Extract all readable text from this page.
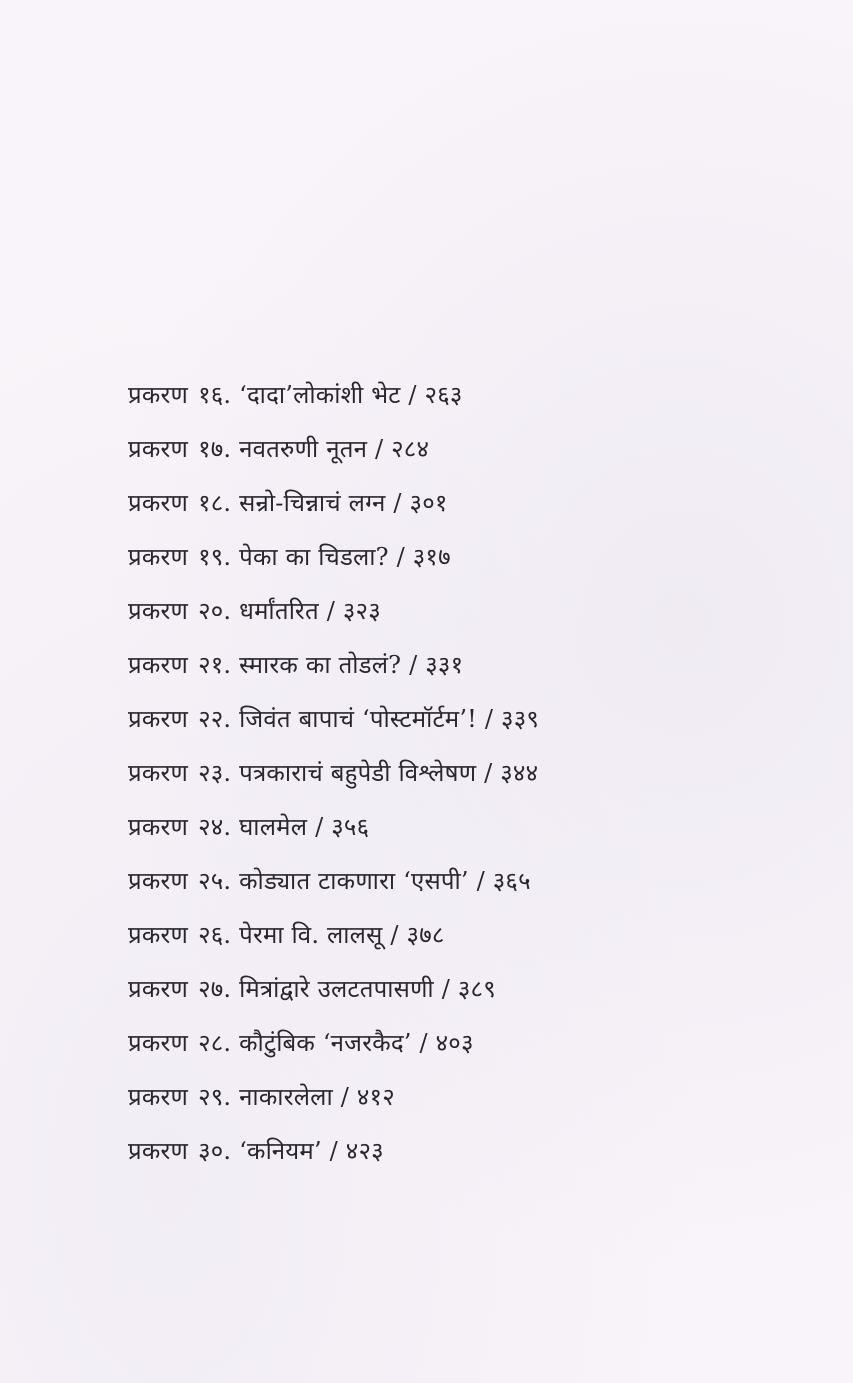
प्रकरण १६. ‘दादा’लोकांशी भेट / २६३
प्रकरण १७. नवतरुणी नूतन / २८४
प्रकरण १८. सन्रो-चिन्नाचं लग्न / ३०१
प्रकरण १९. पेका का चिडला? / ३१७
प्रकरण २०. धर्मांतरित / ३२३
प्रकरण २१. स्मारक का तोडलं? / ३३१
प्रकरण २२. जिवंत बापाचं ‘पोस्टमॉर्टम’! / ३३९
प्रकरण २३. पत्रकाराचं बहुपेडी विश्लेषण / ३४४
प्रकरण २४. घालमेल / ३५६
प्रकरण २५. कोड्यात टाकणारा ‘एसपी’ / ३६५
प्रकरण २६. पेरमा वि. लालसू / ३७८
प्रकरण २७. मित्रांद्वारे उलटतपासणी / ३८९
प्रकरण २८. कौटुंबिक ‘नजरकैद’ / ४०३
प्रकरण २९. नाकारलेला / ४१२
प्रकरण ३०. ‘कनियम’ / ४२३
